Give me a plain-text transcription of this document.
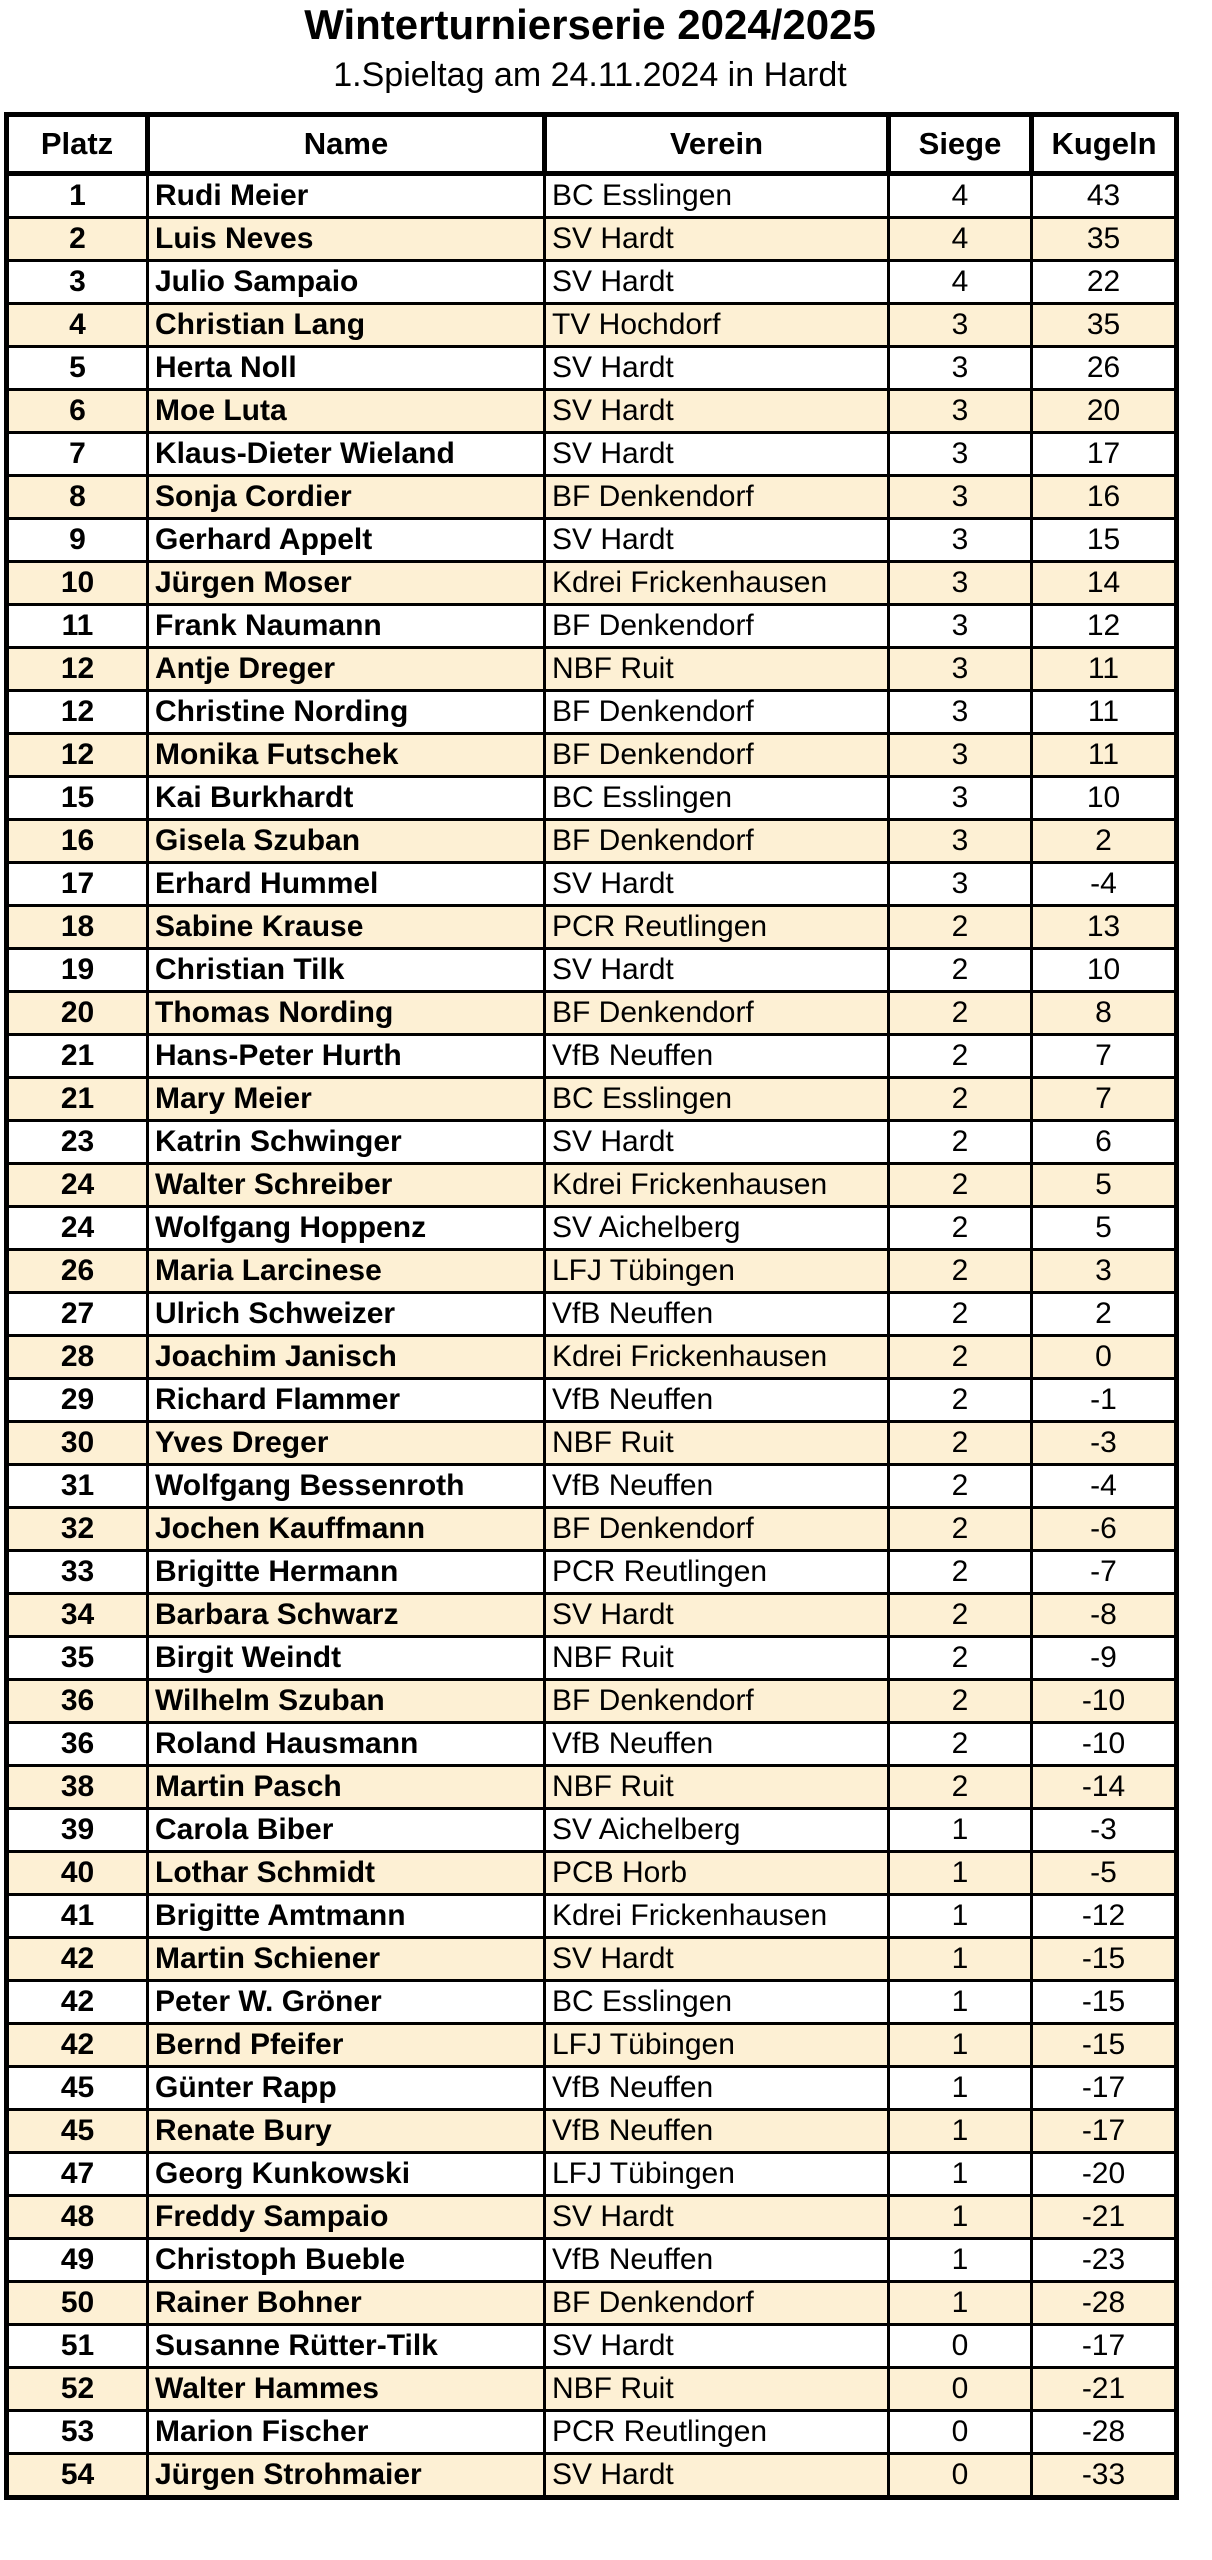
Winterturnierserie 2024/2025
1.Spieltag am 24.11.2024 in Hardt
Platz	Name	Verein	Siege	Kugeln
1	Rudi Meier	BC Esslingen	4	43
2	Luis Neves	SV Hardt	4	35
3	Julio Sampaio	SV Hardt	4	22
4	Christian Lang	TV Hochdorf	3	35
5	Herta Noll	SV Hardt	3	26
6	Moe Luta	SV Hardt	3	20
7	Klaus-Dieter Wieland	SV Hardt	3	17
8	Sonja Cordier	BF Denkendorf	3	16
9	Gerhard Appelt	SV Hardt	3	15
10	Jürgen Moser	Kdrei Frickenhausen	3	14
11	Frank Naumann	BF Denkendorf	3	12
12	Antje Dreger	NBF Ruit	3	11
12	Christine Nording	BF Denkendorf	3	11
12	Monika Futschek	BF Denkendorf	3	11
15	Kai Burkhardt	BC Esslingen	3	10
16	Gisela Szuban	BF Denkendorf	3	2
17	Erhard Hummel	SV Hardt	3	-4
18	Sabine Krause	PCR Reutlingen	2	13
19	Christian Tilk	SV Hardt	2	10
20	Thomas Nording	BF Denkendorf	2	8
21	Hans-Peter Hurth	VfB Neuffen	2	7
21	Mary Meier	BC Esslingen	2	7
23	Katrin Schwinger	SV Hardt	2	6
24	Walter Schreiber	Kdrei Frickenhausen	2	5
24	Wolfgang Hoppenz	SV Aichelberg	2	5
26	Maria Larcinese	LFJ Tübingen	2	3
27	Ulrich Schweizer	VfB Neuffen	2	2
28	Joachim Janisch	Kdrei Frickenhausen	2	0
29	Richard Flammer	VfB Neuffen	2	-1
30	Yves Dreger	NBF Ruit	2	-3
31	Wolfgang Bessenroth	VfB Neuffen	2	-4
32	Jochen Kauffmann	BF Denkendorf	2	-6
33	Brigitte Hermann	PCR Reutlingen	2	-7
34	Barbara Schwarz	SV Hardt	2	-8
35	Birgit Weindt	NBF Ruit	2	-9
36	Wilhelm Szuban	BF Denkendorf	2	-10
36	Roland Hausmann	VfB Neuffen	2	-10
38	Martin Pasch	NBF Ruit	2	-14
39	Carola Biber	SV Aichelberg	1	-3
40	Lothar Schmidt	PCB Horb	1	-5
41	Brigitte Amtmann	Kdrei Frickenhausen	1	-12
42	Martin Schiener	SV Hardt	1	-15
42	Peter W. Gröner	BC Esslingen	1	-15
42	Bernd Pfeifer	LFJ Tübingen	1	-15
45	Günter Rapp	VfB Neuffen	1	-17
45	Renate Bury	VfB Neuffen	1	-17
47	Georg Kunkowski	LFJ Tübingen	1	-20
48	Freddy Sampaio	SV Hardt	1	-21
49	Christoph Bueble	VfB Neuffen	1	-23
50	Rainer Bohner	BF Denkendorf	1	-28
51	Susanne Rütter-Tilk	SV Hardt	0	-17
52	Walter Hammes	NBF Ruit	0	-21
53	Marion Fischer	PCR Reutlingen	0	-28
54	Jürgen Strohmaier	SV Hardt	0	-33
